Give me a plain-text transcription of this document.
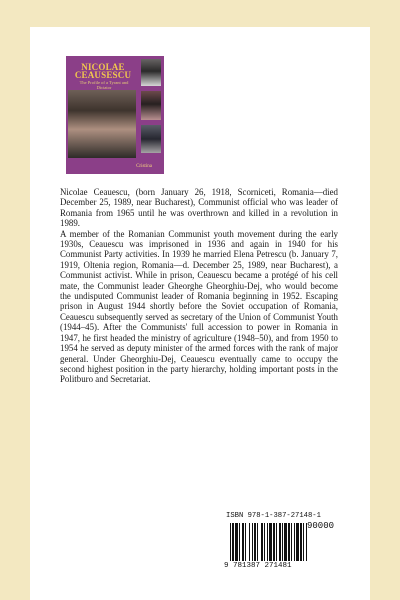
NICOLAE CEAUSESCU
The Profile of a Tyrant and Dictator
Cristina

Nicolae Ceauescu, (born January 26, 1918, Scorniceti, Romania—died December 25, 1989, near Bucharest), Communist official who was leader of Romania from 1965 until he was overthrown and killed in a revolution in 1989.

A member of the Romanian Communist youth movement during the early 1930s, Ceauescu was imprisoned in 1936 and again in 1940 for his Communist Party activities. In 1939 he married Elena Petrescu (b. January 7, 1919, Oltenia region, Romania—d. December 25, 1989, near Bucharest), a Communist activist. While in prison, Ceauescu became a protégé of his cell mate, the Communist leader Gheorghe Gheorghiu-Dej, who would become the undisputed Communist leader of Romania beginning in 1952. Escaping prison in August 1944 shortly before the Soviet occupation of Romania, Ceauescu subsequently served as secretary of the Union of Communist Youth (1944–45). After the Communists' full accession to power in Romania in 1947, he first headed the ministry of agriculture (1948–50), and from 1950 to 1954 he served as deputy minister of the armed forces with the rank of major general. Under Gheorghiu-Dej, Ceauescu eventually came to occupy the second highest position in the party hierarchy, holding important posts in the Politburo and Secretariat.

ISBN 978-1-387-27148-1
90000
9 781387 271481
